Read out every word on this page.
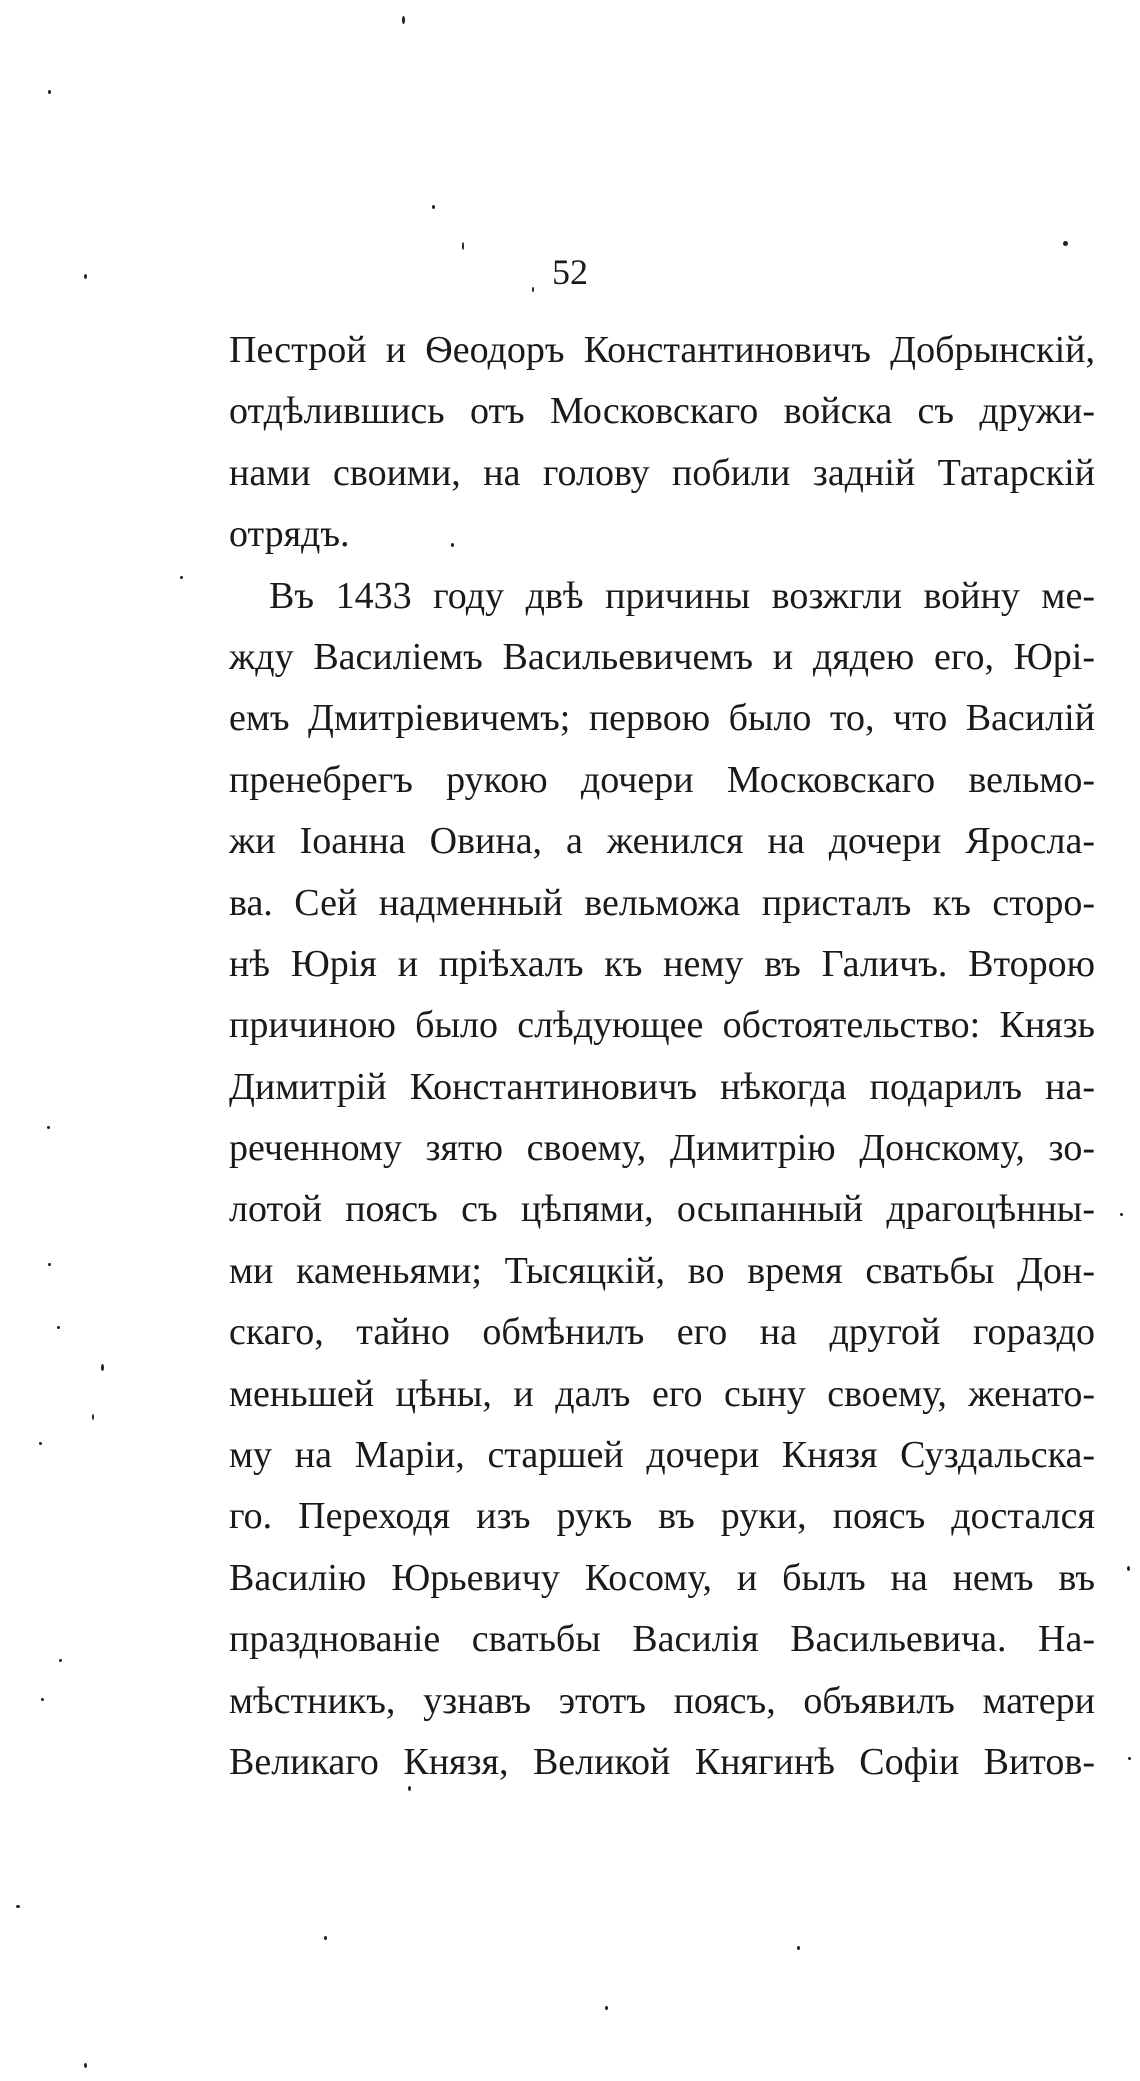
52
Пестрой и Ѳеодоръ Константиновичъ Добрынскій,
отдѣлившись отъ Московскаго войска съ дружи-
нами своими, на голову побили задній Татарскій
отрядъ.
Въ 1433 году двѣ причины возжгли войну ме-
жду Василіемъ Васильевичемъ и дядею его, Юрі-
емъ Дмитріевичемъ; первою было то, что Василій
пренебрегъ рукою дочери Московскаго вельмо-
жи Іоанна Овина, а женился на дочери Яросла-
ва. Сей надменный вельможа присталъ къ сторо-
нѣ Юрія и пріѣхалъ къ нему въ Галичъ. Второю
причиною было слѣдующее обстоятельство: Князь
Димитрій Константиновичъ нѣкогда подарилъ на-
реченному зятю своему, Димитрію Донскому, зо-
лотой поясъ съ цѣпями, осыпанный драгоцѣнны-
ми каменьями; Тысяцкій, во время сватьбы Дон-
скаго, тайно обмѣнилъ его на другой гораздо
меньшей цѣны, и далъ его сыну своему, женато-
му на Маріи, старшей дочери Князя Суздальска-
го. Переходя изъ рукъ въ руки, поясъ достался
Василію Юрьевичу Косому, и былъ на немъ въ
празднованіе сватьбы Василія Васильевича. На-
мѣстникъ, узнавъ этотъ поясъ, объявилъ матери
Великаго Князя, Великой Княгинѣ Софіи Витов-
